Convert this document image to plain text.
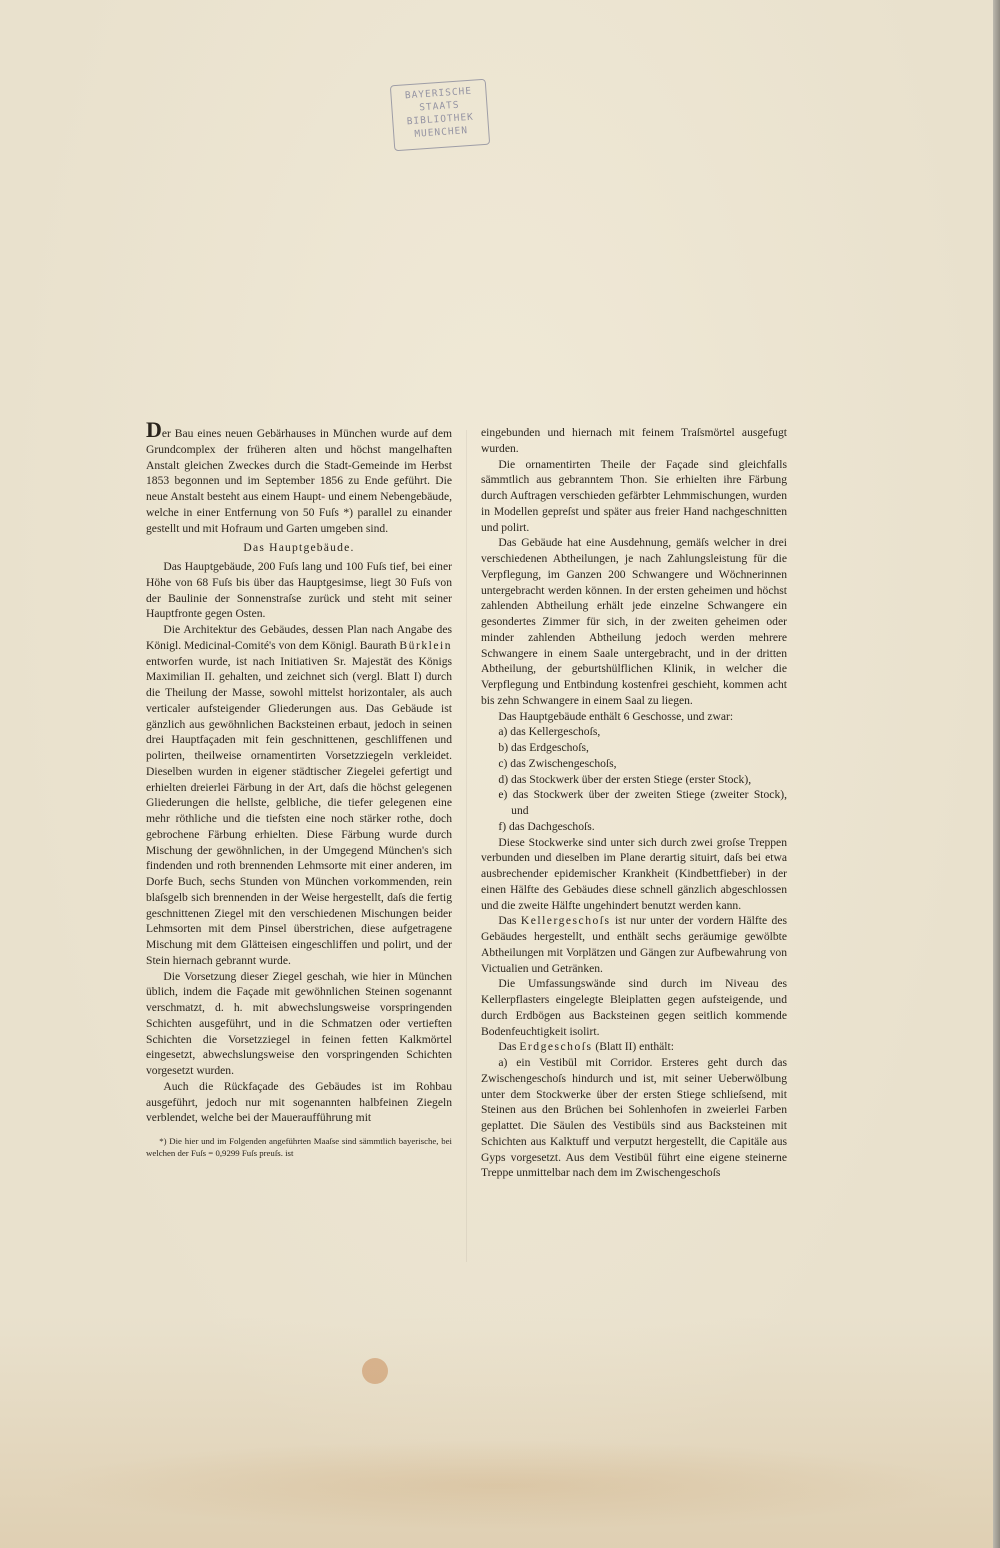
BAYERISCHE
STAATS
BIBLIOTHEK
MUENCHEN

Der Bau eines neuen Gebärhauses in München wurde auf dem Grundcomplex der früheren alten und höchst mangelhaften Anstalt gleichen Zweckes durch die Stadt-Gemeinde im Herbst 1853 begonnen und im September 1856 zu Ende geführt. Die neue Anstalt besteht aus einem Haupt- und einem Nebengebäude, welche in einer Entfernung von 50 Fuſs *) parallel zu einander gestellt und mit Hofraum und Garten umgeben sind.

Das Hauptgebäude.

Das Hauptgebäude, 200 Fuſs lang und 100 Fuſs tief, bei einer Höhe von 68 Fuſs bis über das Hauptgesimse, liegt 30 Fuſs von der Baulinie der Sonnenstraſse zurück und steht mit seiner Hauptfronte gegen Osten.

Die Architektur des Gebäudes, dessen Plan nach Angabe des Königl. Medicinal-Comité's von dem Königl. Baurath Bürklein entworfen wurde, ist nach Initiativen Sr. Majestät des Königs Maximilian II. gehalten, und zeichnet sich (vergl. Blatt I) durch die Theilung der Masse, sowohl mittelst horizontaler, als auch verticaler aufsteigender Gliederungen aus. Das Gebäude ist gänzlich aus gewöhnlichen Backsteinen erbaut, jedoch in seinen drei Hauptfaçaden mit fein geschnittenen, geschliffenen und polirten, theilweise ornamentirten Vorsetzziegeln verkleidet. Dieselben wurden in eigener städtischer Ziegelei gefertigt und erhielten dreierlei Färbung in der Art, daſs die höchst gelegenen Gliederungen die hellste, gelbliche, die tiefer gelegenen eine mehr röthliche und die tiefsten eine noch stärker rothe, doch gebrochene Färbung erhielten. Diese Färbung wurde durch Mischung der gewöhnlichen, in der Umgegend München's sich findenden und roth brennenden Lehmsorte mit einer anderen, im Dorfe Buch, sechs Stunden von München vorkommenden, rein blaſsgelb sich brennenden in der Weise hergestellt, daſs die fertig geschnittenen Ziegel mit den verschiedenen Mischungen beider Lehmsorten mit dem Pinsel überstrichen, diese aufgetragene Mischung mit dem Glätteisen eingeschliffen und polirt, und der Stein hiernach gebrannt wurde.

Die Vorsetzung dieser Ziegel geschah, wie hier in München üblich, indem die Façade mit gewöhnlichen Steinen sogenannt verschmatzt, d. h. mit abwechslungsweise vorspringenden Schichten ausgeführt, und in die Schmatzen oder vertieften Schichten die Vorsetzziegel in feinen fetten Kalkmörtel eingesetzt, abwechslungsweise den vorspringenden Schichten vorgesetzt wurden.

Auch die Rückfaçade des Gebäudes ist im Rohbau ausgeführt, jedoch nur mit sogenannten halbfeinen Ziegeln verblendet, welche bei der Maueraufführung mit

*) Die hier und im Folgenden angeführten Maaſse sind sämmtlich bayerische, bei welchen der Fuſs = 0,9299 Fuſs preuſs. ist

eingebunden und hiernach mit feinem Traſsmörtel ausgefugt wurden.

Die ornamentirten Theile der Façade sind gleichfalls sämmtlich aus gebranntem Thon. Sie erhielten ihre Färbung durch Auftragen verschieden gefärbter Lehmmischungen, wurden in Modellen gepreſst und später aus freier Hand nachgeschnitten und polirt.

Das Gebäude hat eine Ausdehnung, gemäſs welcher in drei verschiedenen Abtheilungen, je nach Zahlungsleistung für die Verpflegung, im Ganzen 200 Schwangere und Wöchnerinnen untergebracht werden können. In der ersten geheimen und höchst zahlenden Abtheilung erhält jede einzelne Schwangere ein gesondertes Zimmer für sich, in der zweiten geheimen oder minder zahlenden Abtheilung jedoch werden mehrere Schwangere in einem Saale untergebracht, und in der dritten Abtheilung, der geburtshülflichen Klinik, in welcher die Verpflegung und Entbindung kostenfrei geschieht, kommen acht bis zehn Schwangere in einem Saal zu liegen.

Das Hauptgebäude enthält 6 Geschosse, und zwar:

a) das Kellergeschoſs,

b) das Erdgeschoſs,

c) das Zwischengeschoſs,

d) das Stockwerk über der ersten Stiege (erster Stock),

e) das Stockwerk über der zweiten Stiege (zweiter Stock), und

f) das Dachgeschoſs.

Diese Stockwerke sind unter sich durch zwei groſse Treppen verbunden und dieselben im Plane derartig situirt, daſs bei etwa ausbrechender epidemischer Krankheit (Kindbettfieber) in der einen Hälfte des Gebäudes diese schnell gänzlich abgeschlossen und die zweite Hälfte ungehindert benutzt werden kann.

Das Kellergeschoſs ist nur unter der vordern Hälfte des Gebäudes hergestellt, und enthält sechs geräumige gewölbte Abtheilungen mit Vorplätzen und Gängen zur Aufbewahrung von Victualien und Getränken.

Die Umfassungswände sind durch im Niveau des Kellerpflasters eingelegte Bleiplatten gegen aufsteigende, und durch Erdbögen aus Backsteinen gegen seitlich kommende Bodenfeuchtigkeit isolirt.

Das Erdgeschoſs (Blatt II) enthält:

a) ein Vestibül mit Corridor. Ersteres geht durch das Zwischengeschoſs hindurch und ist, mit seiner Ueberwölbung unter dem Stockwerke über der ersten Stiege schlieſsend, mit Steinen aus den Brüchen bei Sohlenhofen in zweierlei Farben geplattet. Die Säulen des Vestibüls sind aus Backsteinen mit Schichten aus Kalktuff und verputzt hergestellt, die Capitäle aus Gyps vorgesetzt. Aus dem Vestibül führt eine eigene steinerne Treppe unmittelbar nach dem im Zwischengeschoſs
